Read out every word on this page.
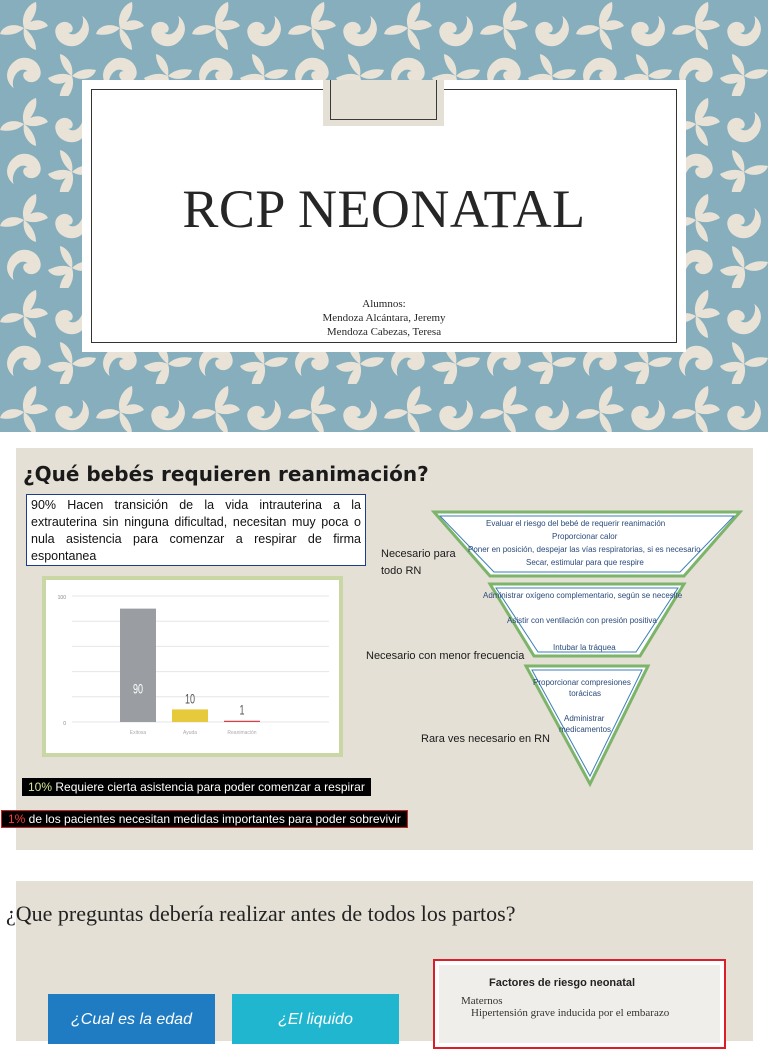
RCP NEONATAL
Alumnos:
Mendoza Alcántara, Jeremy
Mendoza Cabezas, Teresa
¿Qué bebés requieren reanimación?
90% Hacen transición de la vida intrauterina a la extrauterina sin ninguna dificultad, necesitan muy poca o nula asistencia para comenzar a respirar de firma espontanea
0
100
90
Exitosa
10
Ayuda
1
Reanimación
10% Requiere cierta asistencia para poder comenzar a respirar
1% de los pacientes necesitan medidas importantes para poder sobrevivir
Necesario para
todo RN
Necesario con menor frecuencia
Rara ves necesario en RN
Evaluar el riesgo del bebé de requerir reanimación
Proporcionar calor
Poner en posición, despejar las vías respiratorias, si es necesario
Secar, estimular para que respire
Administrar oxígeno complementario, según se necesite
Asistir con ventilación con presión positiva
Intubar la tráquea
Proporcionar compresiones
torácicas
Administrar
medicamentos
¿Que preguntas debería realizar antes de todos los partos?
¿Cual es la edad	¿El liquido
Factores de riesgo neonatal
Maternos
Hipertensión grave inducida por el embarazo
